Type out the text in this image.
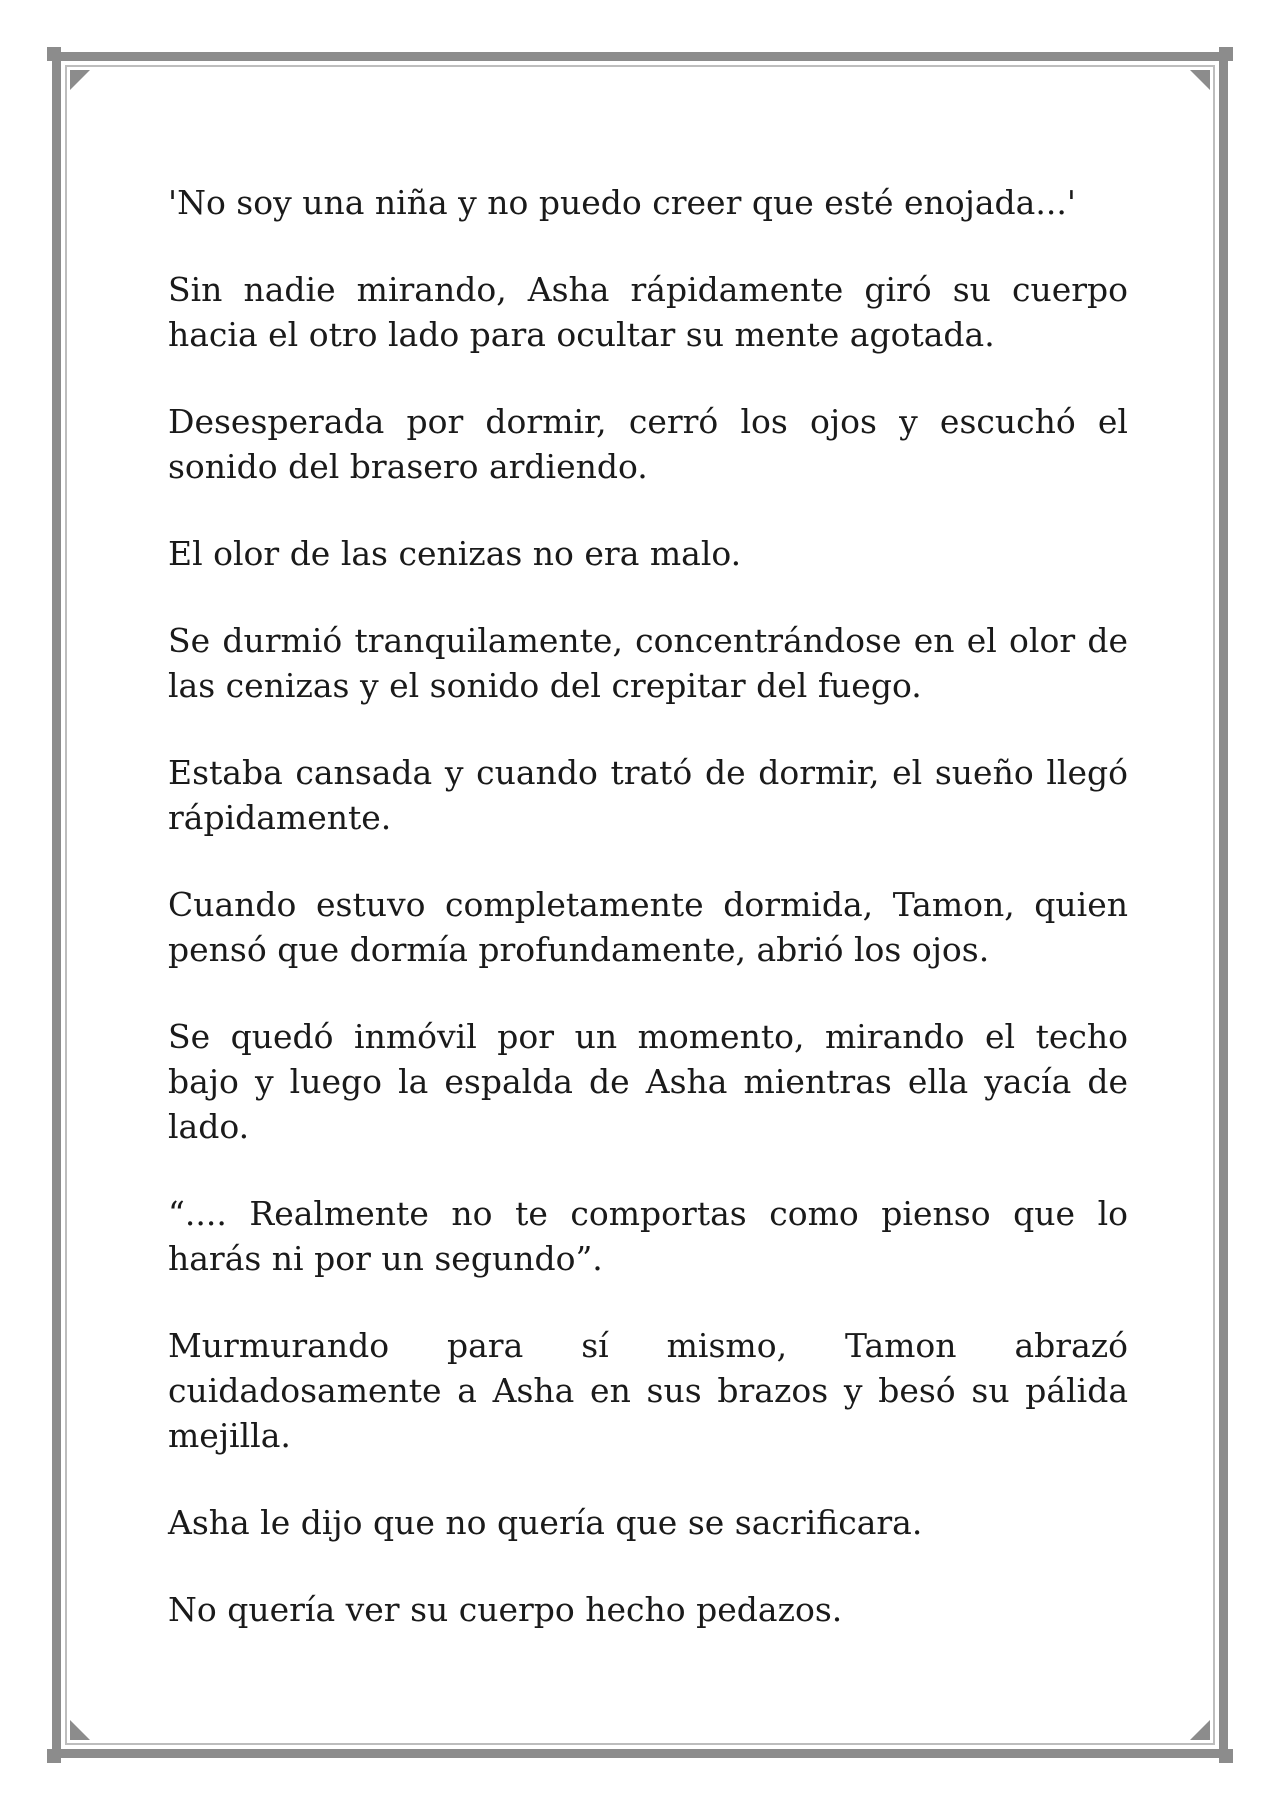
'No soy una niña y no puedo creer que esté enojada...'

Sin nadie mirando, Asha rápidamente giró su cuerpo hacia el otro lado para ocultar su mente agotada.

Desesperada por dormir, cerró los ojos y escuchó el sonido del brasero ardiendo.

El olor de las cenizas no era malo.

Se durmió tranquilamente, concentrándose en el olor de las cenizas y el sonido del crepitar del fuego.

Estaba cansada y cuando trató de dormir, el sueño llegó rápidamente.

Cuando estuvo completamente dormida, Tamon, quien pensó que dormía profundamente, abrió los ojos.

Se quedó inmóvil por un momento, mirando el techo bajo y luego la espalda de Asha mientras ella yacía de lado.

“.... Realmente no te comportas como pienso que lo harás ni por un segundo”.

Murmurando para sí mismo, Tamon abrazó cuidadosamente a Asha en sus brazos y besó su pálida mejilla.

Asha le dijo que no quería que se sacrificara.

No quería ver su cuerpo hecho pedazos.
